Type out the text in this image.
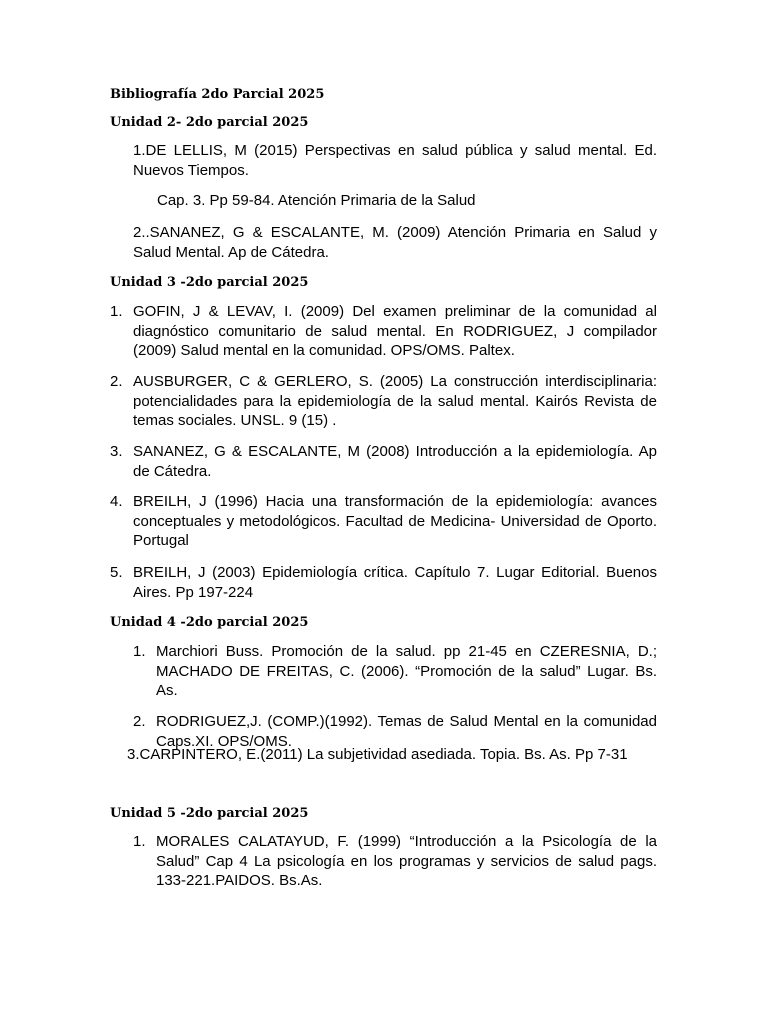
Bibliografía 2do Parcial 2025
Unidad 2- 2do parcial 2025
1.DE LELLIS, M (2015) Perspectivas en salud pública y salud mental. Ed. Nuevos Tiempos.
Cap. 3. Pp 59-84. Atención Primaria de la Salud
2..SANANEZ, G & ESCALANTE, M. (2009) Atención Primaria en Salud y Salud Mental. Ap de Cátedra.
Unidad 3 -2do parcial 2025
1. GOFIN, J & LEVAV, I. (2009) Del examen preliminar de la comunidad al diagnóstico comunitario de salud mental. En RODRIGUEZ, J compilador (2009) Salud mental en la comunidad. OPS/OMS. Paltex.
2. AUSBURGER, C & GERLERO, S. (2005) La construcción interdisciplinaria: potencialidades para la epidemiología de la salud mental. Kairós Revista de temas sociales. UNSL. 9 (15) .
3. SANANEZ, G & ESCALANTE, M (2008) Introducción a la epidemiología. Ap de Cátedra.
4. BREILH, J (1996) Hacia una transformación de la epidemiología: avances conceptuales y metodológicos. Facultad de Medicina- Universidad de Oporto. Portugal
5. BREILH, J (2003) Epidemiología crítica. Capítulo 7. Lugar Editorial. Buenos Aires. Pp 197-224
Unidad 4 -2do parcial 2025
1. Marchiori Buss. Promoción de la salud. pp 21-45 en CZERESNIA, D.; MACHADO DE FREITAS, C. (2006). “Promoción de la salud” Lugar. Bs. As.
2. RODRIGUEZ,J. (COMP.)(1992). Temas de Salud Mental en la comunidad Caps.XI. OPS/OMS.
3.CARPINTERO, E.(2011) La subjetividad asediada. Topia. Bs. As. Pp 7-31
Unidad 5 -2do parcial 2025
1. MORALES CALATAYUD, F. (1999) “Introducción a la Psicología de la Salud” Cap 4 La psicología en los programas y servicios de salud pags. 133-221.PAIDOS. Bs.As.
